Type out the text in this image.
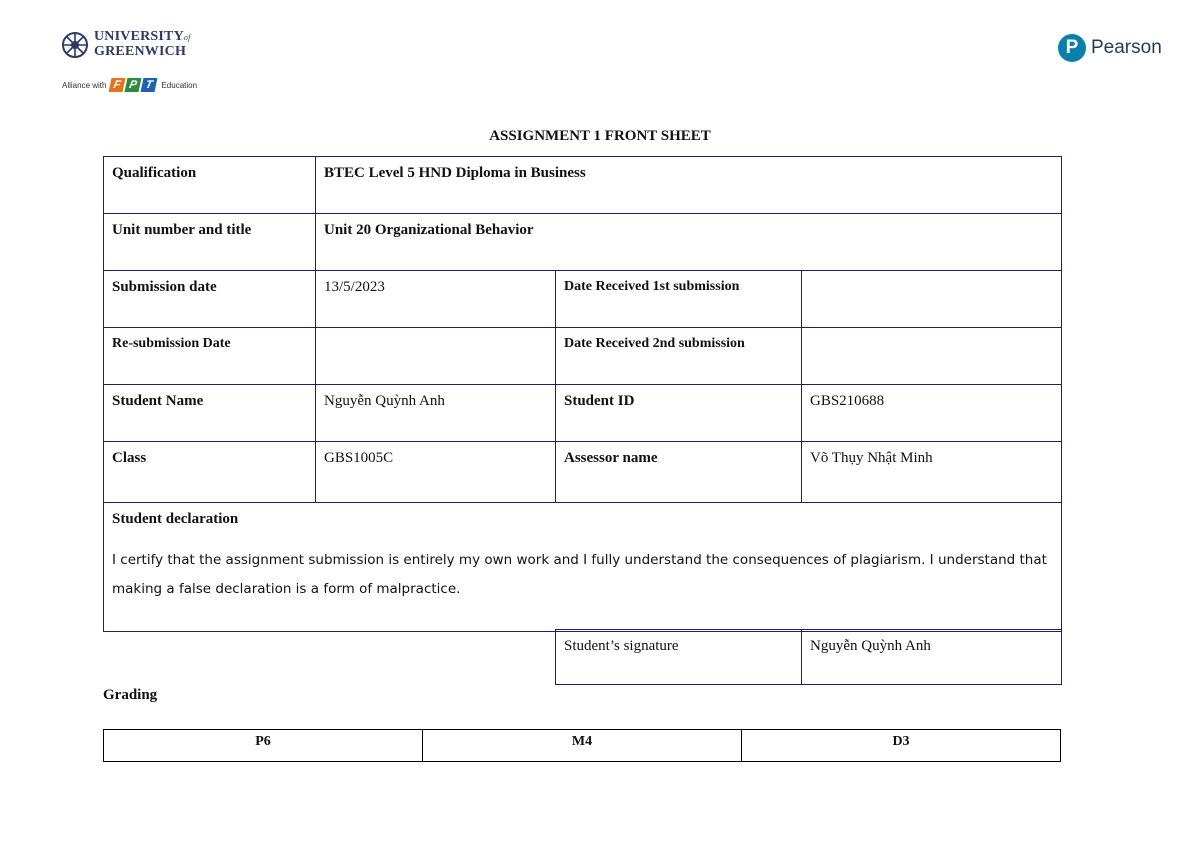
UNIVERSITYof
GREENWICH
Alliance with F P T Education
P Pearson
ASSIGNMENT 1 FRONT SHEET
Qualification	BTEC Level 5 HND Diploma in Business		
Unit number and title	Unit 20 Organizational Behavior		
Submission date	13/5/2023	Date Received 1st submission	
Re-submission Date		Date Received 2nd submission	
Student Name	Nguyễn Quỳnh Anh	Student ID	GBS210688
Class	GBS1005C	Assessor name	Võ Thụy Nhật Minh

Student declaration
I certify that the assignment submission is entirely my own work and I fully understand the consequences of plagiarism. I understand that making a false declaration is a form of malpractice.			
Student’s signature	Nguyễn Quỳnh Anh
Grading
P6	M4	D3
